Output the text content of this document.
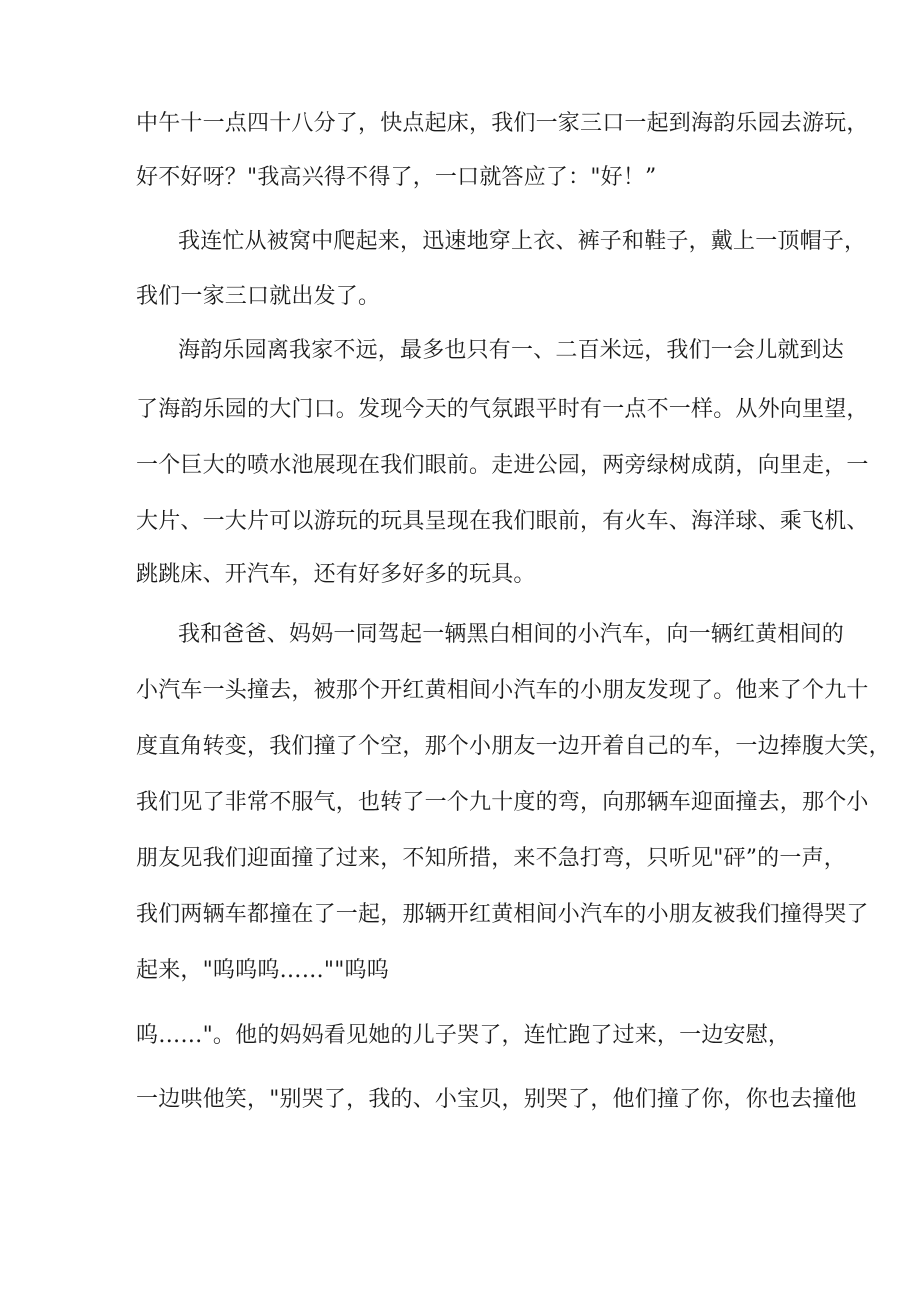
中午十一点四十八分了，快点起床，我们一家三口一起到海韵乐园去游玩，
好不好呀？"我高兴得不得了，一口就答应了："好！”
我连忙从被窝中爬起来，迅速地穿上衣、裤子和鞋子，戴上一顶帽子，
我们一家三口就出发了。
海韵乐园离我家不远，最多也只有一、二百米远，我们一会儿就到达
了海韵乐园的大门口。发现今天的气氛跟平时有一点不一样。从外向里望，
一个巨大的喷水池展现在我们眼前。走进公园，两旁绿树成荫，向里走，一
大片、一大片可以游玩的玩具呈现在我们眼前，有火车、海洋球、乘飞机、
跳跳床、开汽车，还有好多好多的玩具。
我和爸爸、妈妈一同驾起一辆黑白相间的小汽车，向一辆红黄相间的
小汽车一头撞去，被那个开红黄相间小汽车的小朋友发现了。他来了个九十
度直角转变，我们撞了个空，那个小朋友一边开着自己的车，一边捧腹大笑，
我们见了非常不服气，也转了一个九十度的弯，向那辆车迎面撞去，那个小
朋友见我们迎面撞了过来，不知所措，来不急打弯，只听见"砰”的一声，
我们两辆车都撞在了一起，那辆开红黄相间小汽车的小朋友被我们撞得哭了
起来，"呜呜呜……""呜呜
呜……"。他的妈妈看见她的儿子哭了，连忙跑了过来，一边安慰，
一边哄他笑，"别哭了，我的、小宝贝，别哭了，他们撞了你，你也去撞他
